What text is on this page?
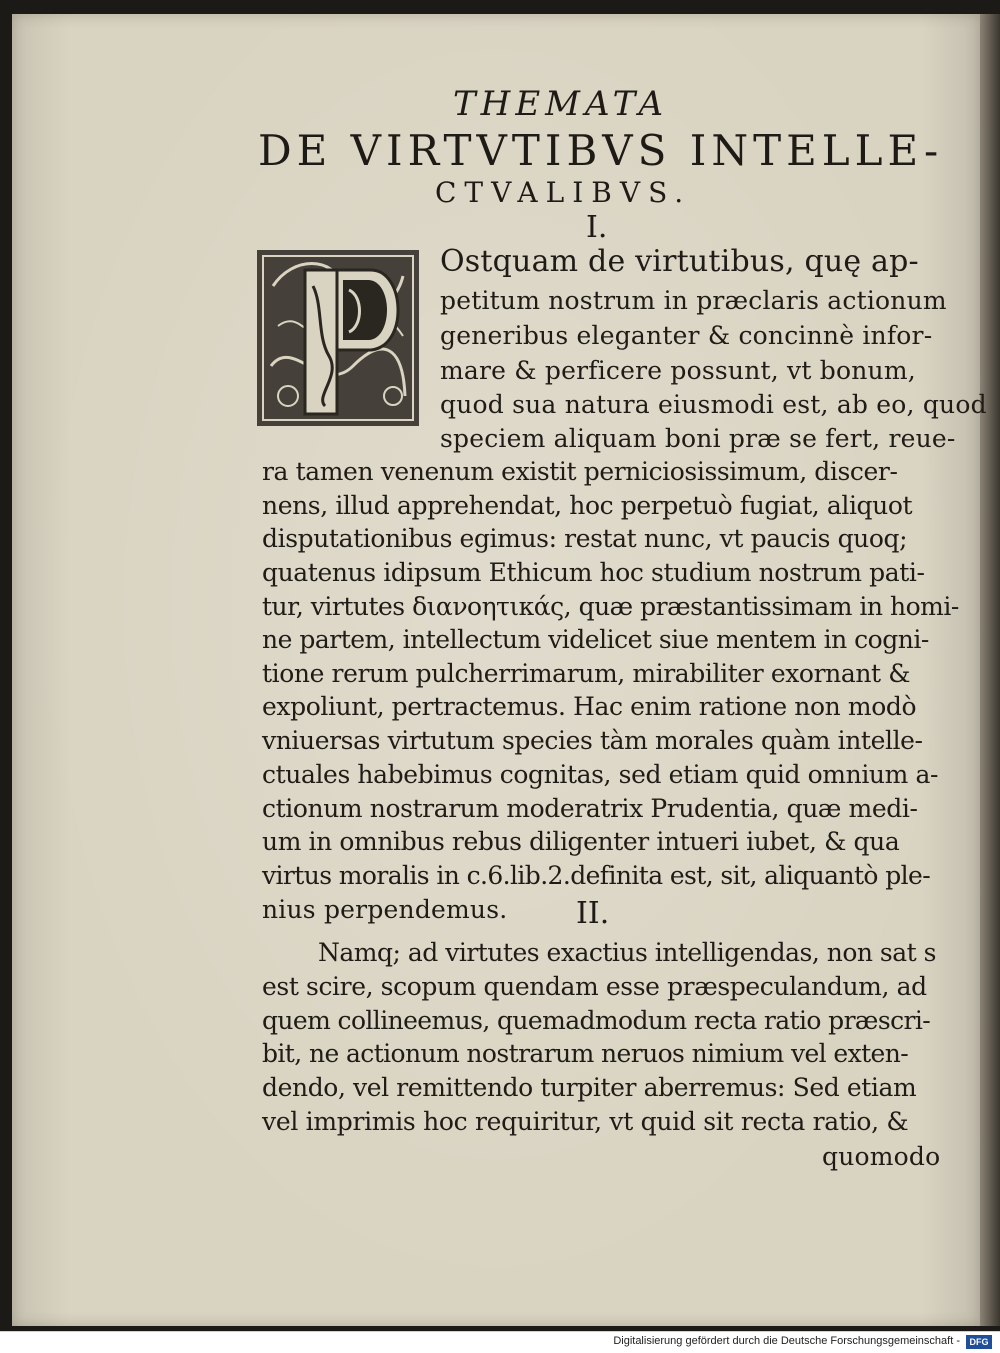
THEMATA
DE VIRTVTIBVS INTELLE-
CTVALIBVS.
I.
P	Ostquam de virtutibus, quę ap-

petitum nostrum in præclaris actionum

generibus eleganter & concinnè infor-

mare & perficere possunt, vt bonum,

quod sua natura eiusmodi est, ab eo, quod

speciem aliquam boni præ se fert, reue-

ra tamen venenum existit perniciosissimum, discer-

nens, illud apprehendat, hoc perpetuò fugiat, aliquot

disputationibus egimus: restat nunc, vt paucis quoq;

quatenus idipsum Ethicum hoc studium nostrum pati-

tur, virtutes διανοητικάς, quæ præstantissimam in homi-

ne partem, intellectum videlicet siue mentem in cogni-

tione rerum pulcherrimarum, mirabiliter exornant &

expoliunt, pertractemus. Hac enim ratione non modò

vniuersas virtutum species tàm morales quàm intelle-

ctuales habebimus cognitas, sed etiam quid omnium a-

ctionum nostrarum moderatrix Prudentia, quæ medi-

um in omnibus rebus diligenter intueri iubet, & qua

virtus moralis in c.6.lib.2.definita est, sit, aliquantò ple-

nius perpendemus. II.

Namq; ad virtutes exactius intelligendas, non sat s

est scire, scopum quendam esse præspeculandum, ad

quem collineemus, quemadmodum recta ratio præscri-

bit, ne actionum nostrarum neruos nimium vel exten-

dendo, vel remittendo turpiter aberremus: Sed etiam

vel imprimis hoc requiritur, vt quid sit recta ratio, &

quomodo

Digitalisierung gefördert durch die Deutsche Forschungsgemeinschaft -	DFG
